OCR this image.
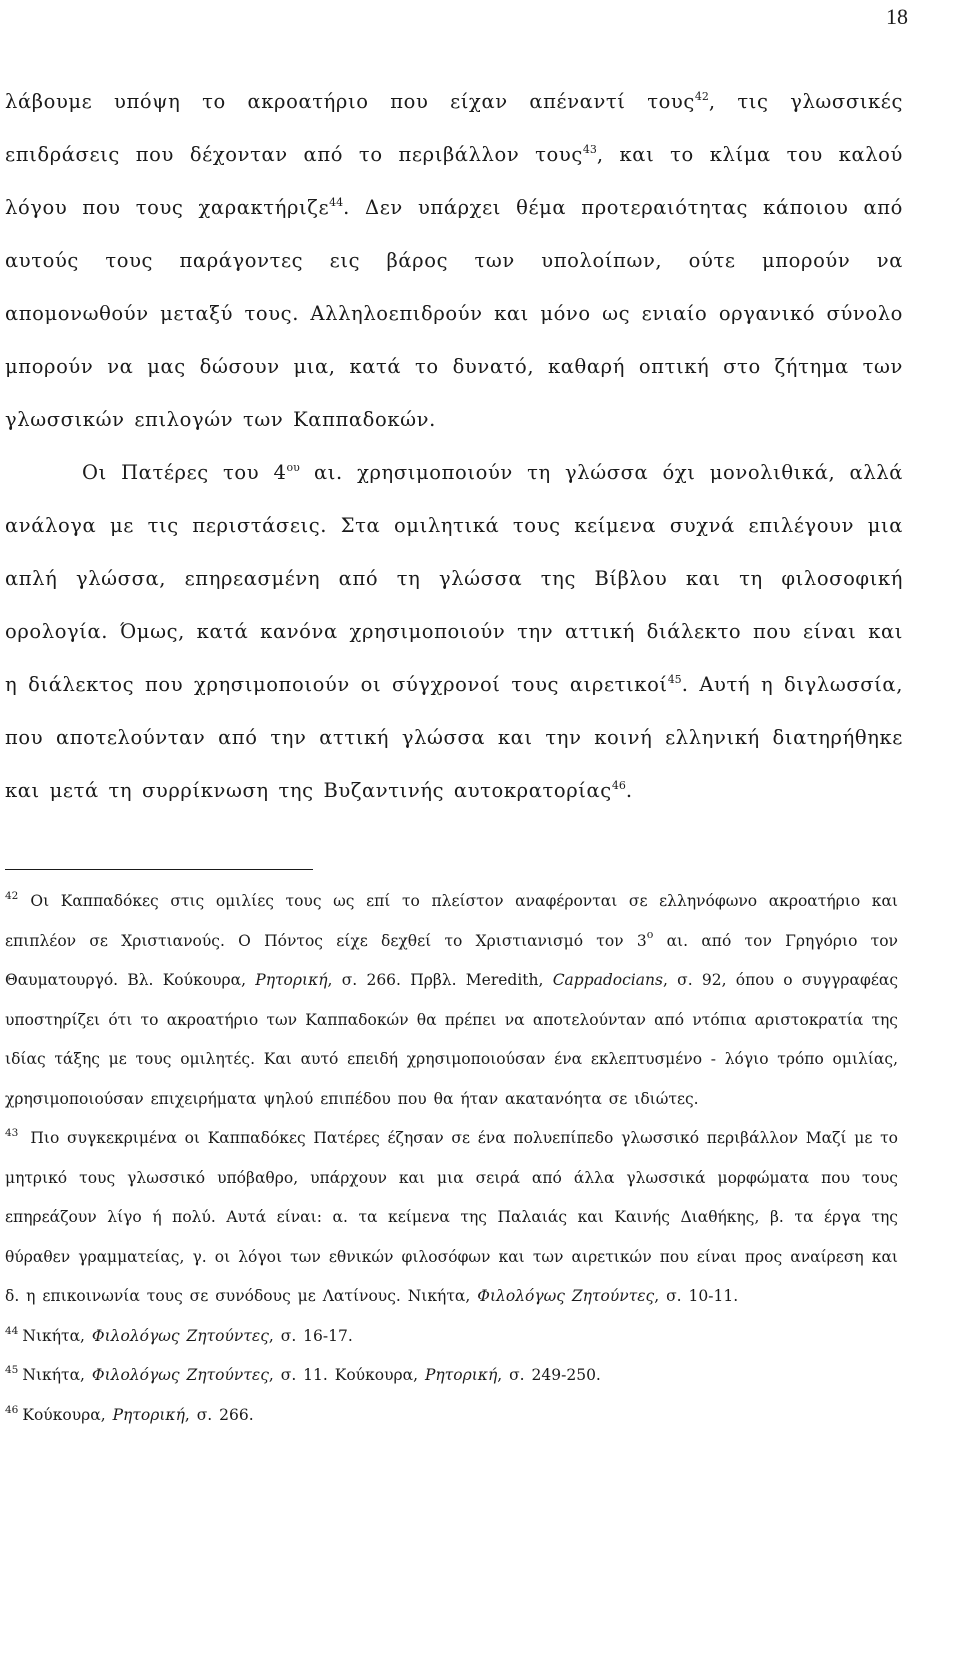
18

λάβουμε υπόψη το ακροατήριο που είχαν απέναντί τους$^{42}$, τις γλωσσικές επιδράσεις που δέχονταν από το περιβάλλον τους$^{43}$, και το κλίμα του καλού λόγου που τους χαρακτήριζε$^{44}$. Δεν υπάρχει θέμα προτεραιότητας κάποιου από αυτούς τους παράγοντες εις βάρος των υπολοίπων, ούτε μπορούν να απομονωθούν μεταξύ τους. Αλληλοεπιδρούν και μόνο ως ενιαίο οργανικό σύνολο μπορούν να μας δώσουν μια, κατά το δυνατό, καθαρή οπτική στο ζήτημα των γλωσσικών επιλογών των Καππαδοκών.

Οι Πατέρες του $4^{o\upsilon}$ αι. χρησιμοποιούν τη γλώσσα όχι μονολιθικά, αλλά ανάλογα με τις περιστάσεις. Στα ομιλητικά τους κείμενα συχνά επιλέγουν μια απλή γλώσσα, επηρεασμένη από τη γλώσσα της Βίβλου και τη φιλοσοφική ορολογία. Όμως, κατά κανόνα χρησιμοποιούν την αττική διάλεκτο που είναι και η διάλεκτος που χρησιμοποιούν οι σύγχρονοί τους αιρετικοί$^{45}$. Αυτή η διγλωσσία, που αποτελούνταν από την αττική γλώσσα και την κοινή ελληνική διατηρήθηκε και μετά τη συρρίκνωση της Βυζαντινής αυτοκρατορίας$^{46}$.

$^{42}$ Οι Καππαδόκες στις ομιλίες τους ως επί το πλείστον αναφέρονται σε ελληνόφωνο ακροατήριο και επιπλέον σε Χριστιανούς. Ο Πόντος είχε δεχθεί το Χριστιανισμό τον $3^o$ αι. από τον Γρηγόριο τον Θαυματουργό. Βλ. Κούκουρα, Ρητορική, σ. 266. Πρβλ. Meredith, Cappadocians, σ. 92, όπου ο συγγραφέας υποστηρίζει ότι το ακροατήριο των Καππαδοκών θα πρέπει να αποτελούνταν από ντόπια αριστοκρατία της ιδίας τάξης με τους ομιλητές. Και αυτό επειδή χρησιμοποιούσαν ένα εκλεπτυσμένο - λόγιο τρόπο ομιλίας, χρησιμοποιούσαν επιχειρήματα ψηλού επιπέδου που θα ήταν ακατανόητα σε ιδιώτες.

$^{43}$ Πιο συγκεκριμένα οι Καππαδόκες Πατέρες έζησαν σε ένα πολυεπίπεδο γλωσσικό περιβάλλον Μαζί με το μητρικό τους γλωσσικό υπόβαθρο, υπάρχουν και μια σειρά από άλλα γλωσσικά μορφώματα που τους επηρεάζουν λίγο ή πολύ. Αυτά είναι: α. τα κείμενα της Παλαιάς και Καινής Διαθήκης, β. τα έργα της θύραθεν γραμματείας, γ. οι λόγοι των εθνικών φιλοσόφων και των αιρετικών που είναι προς αναίρεση και δ. η επικοινωνία τους σε συνόδους με Λατίνους. Νικήτα, Φιλολόγως Ζητούντες, σ. 10-11.

$^{44}$ Νικήτα, Φιλολόγως Ζητούντες, σ. 16-17.

$^{45}$ Νικήτα, Φιλολόγως Ζητούντες, σ. 11. Κούκουρα, Ρητορική, σ. 249-250.

$^{46}$ Κούκουρα, Ρητορική, σ. 266.
